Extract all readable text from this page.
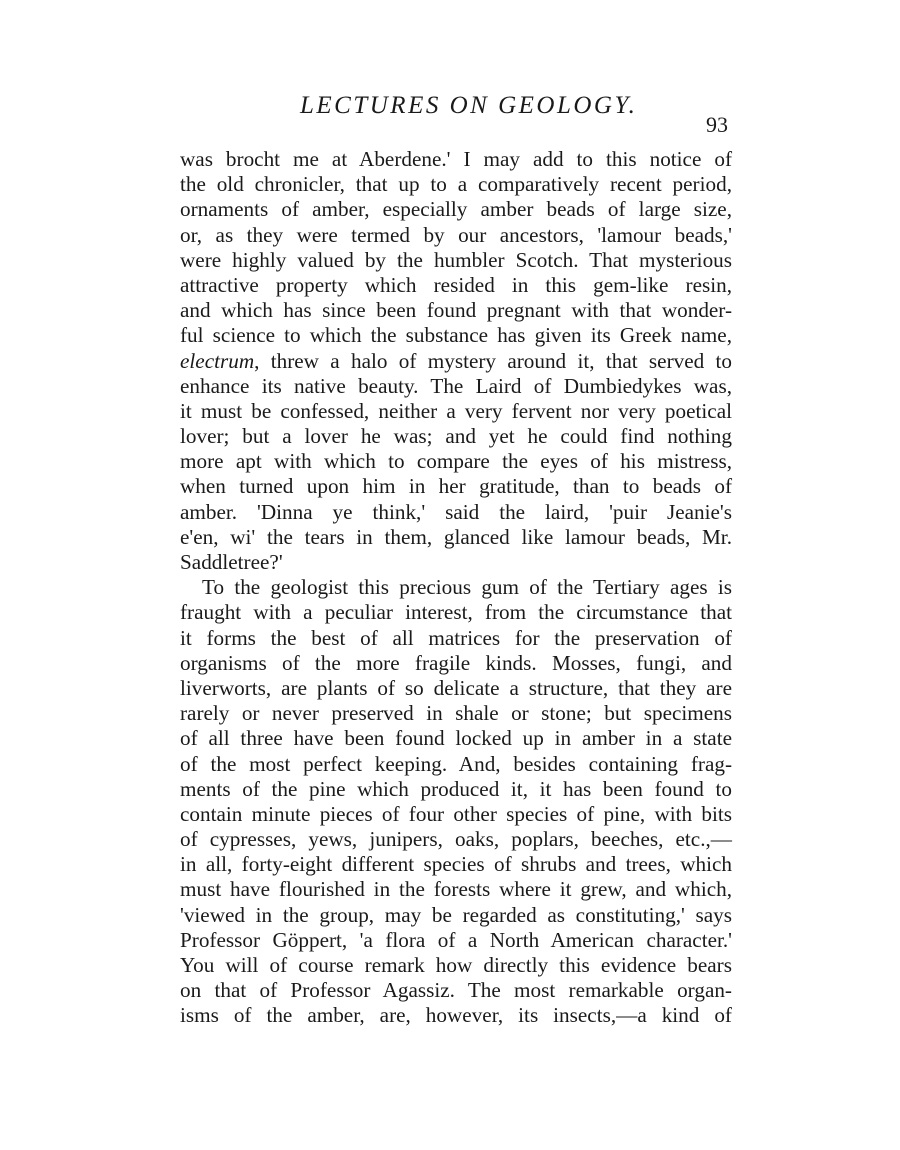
LECTURES ON GEOLOGY.
93
was brocht me at Aberdene.' I may add to this notice of
the old chronicler, that up to a comparatively recent period,
ornaments of amber, especially amber beads of large size,
or, as they were termed by our ancestors, 'lamour beads,'
were highly valued by the humbler Scotch. That mysterious
attractive property which resided in this gem-like resin,
and which has since been found pregnant with that wonder-
ful science to which the substance has given its Greek name,
electrum, threw a halo of mystery around it, that served to
enhance its native beauty. The Laird of Dumbiedykes was,
it must be confessed, neither a very fervent nor very poetical
lover; but a lover he was; and yet he could find nothing
more apt with which to compare the eyes of his mistress,
when turned upon him in her gratitude, than to beads of
amber. 'Dinna ye think,' said the laird, 'puir Jeanie's
e'en, wi' the tears in them, glanced like lamour beads, Mr.
Saddletree?'
To the geologist this precious gum of the Tertiary ages is
fraught with a peculiar interest, from the circumstance that
it forms the best of all matrices for the preservation of
organisms of the more fragile kinds. Mosses, fungi, and
liverworts, are plants of so delicate a structure, that they are
rarely or never preserved in shale or stone; but specimens
of all three have been found locked up in amber in a state
of the most perfect keeping. And, besides containing frag-
ments of the pine which produced it, it has been found to
contain minute pieces of four other species of pine, with bits
of cypresses, yews, junipers, oaks, poplars, beeches, etc.,—
in all, forty-eight different species of shrubs and trees, which
must have flourished in the forests where it grew, and which,
'viewed in the group, may be regarded as constituting,' says
Professor Göppert, 'a flora of a North American character.'
You will of course remark how directly this evidence bears
on that of Professor Agassiz. The most remarkable organ-
isms of the amber, are, however, its insects,—a kind of
